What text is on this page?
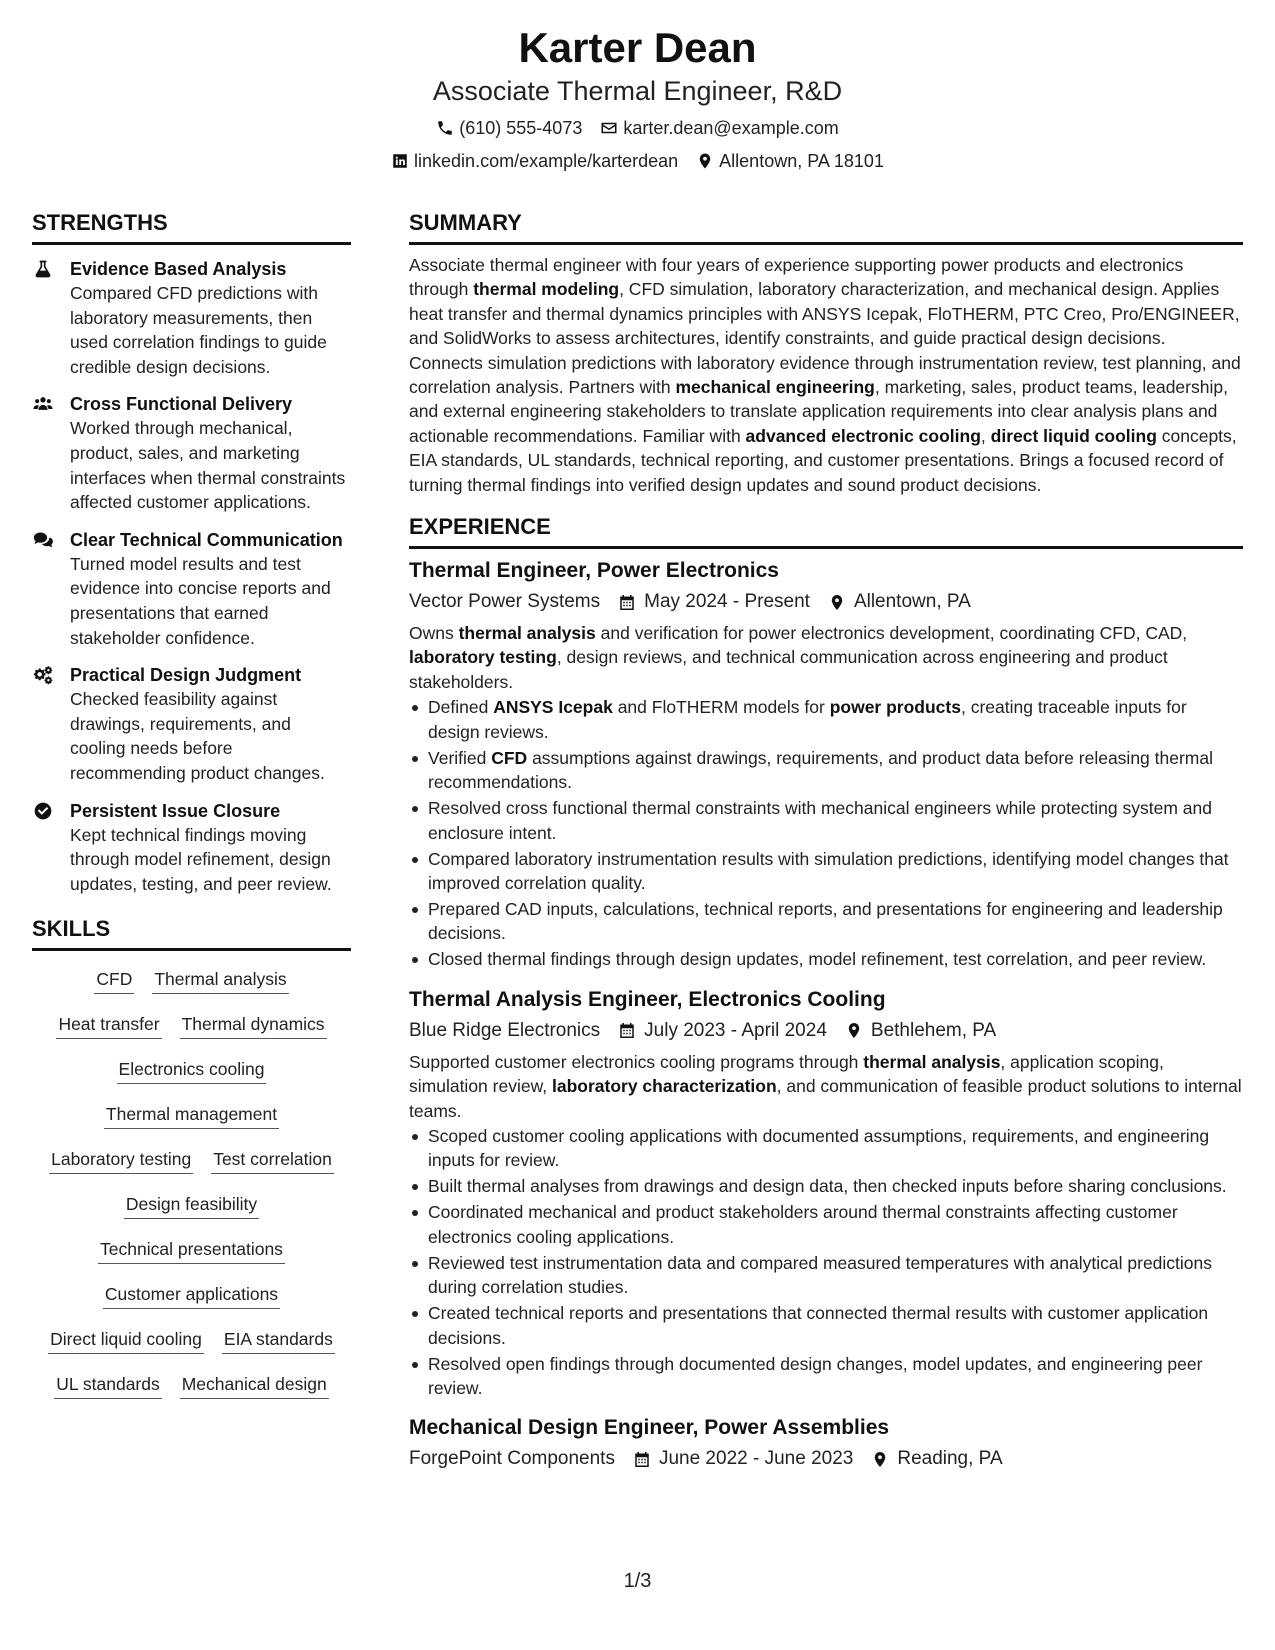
Karter Dean
Associate Thermal Engineer, R&D
(610) 555-4073 karter.dean@example.com
linkedin.com/example/karterdean Allentown, PA 18101
STRENGTHS
Evidence Based Analysis
Compared CFD predictions with laboratory measurements, then used correlation findings to guide credible design decisions.
Cross Functional Delivery
Worked through mechanical, product, sales, and marketing interfaces when thermal constraints affected customer applications.
Clear Technical Communication
Turned model results and test evidence into concise reports and presentations that earned stakeholder confidence.
Practical Design Judgment
Checked feasibility against drawings, requirements, and cooling needs before recommending product changes.
Persistent Issue Closure
Kept technical findings moving through model refinement, design updates, testing, and peer review.
SKILLS
CFD Thermal analysis
Heat transfer Thermal dynamics
Electronics cooling
Thermal management
Laboratory testing Test correlation
Design feasibility
Technical presentations
Customer applications
Direct liquid cooling EIA standards
UL standards Mechanical design
SUMMARY
Associate thermal engineer with four years of experience supporting power products and electronics through thermal modeling, CFD simulation, laboratory characterization, and mechanical design. Applies heat transfer and thermal dynamics principles with ANSYS Icepak, FloTHERM, PTC Creo, Pro/ENGINEER, and SolidWorks to assess architectures, identify constraints, and guide practical design decisions. Connects simulation predictions with laboratory evidence through instrumentation review, test planning, and correlation analysis. Partners with mechanical engineering, marketing, sales, product teams, leadership, and external engineering stakeholders to translate application requirements into clear analysis plans and actionable recommendations. Familiar with advanced electronic cooling, direct liquid cooling concepts, EIA standards, UL standards, technical reporting, and customer presentations. Brings a focused record of turning thermal findings into verified design updates and sound product decisions.
EXPERIENCE
Thermal Engineer, Power Electronics
Vector Power Systems May 2024 - Present Allentown, PA
Owns thermal analysis and verification for power electronics development, coordinating CFD, CAD, laboratory testing, design reviews, and technical communication across engineering and product stakeholders.
Defined ANSYS Icepak and FloTHERM models for power products, creating traceable inputs for design reviews.
Verified CFD assumptions against drawings, requirements, and product data before releasing thermal recommendations.
Resolved cross functional thermal constraints with mechanical engineers while protecting system and enclosure intent.
Compared laboratory instrumentation results with simulation predictions, identifying model changes that improved correlation quality.
Prepared CAD inputs, calculations, technical reports, and presentations for engineering and leadership decisions.
Closed thermal findings through design updates, model refinement, test correlation, and peer review.
Thermal Analysis Engineer, Electronics Cooling
Blue Ridge Electronics July 2023 - April 2024 Bethlehem, PA
Supported customer electronics cooling programs through thermal analysis, application scoping, simulation review, laboratory characterization, and communication of feasible product solutions to internal teams.
Scoped customer cooling applications with documented assumptions, requirements, and engineering inputs for review.
Built thermal analyses from drawings and design data, then checked inputs before sharing conclusions.
Coordinated mechanical and product stakeholders around thermal constraints affecting customer electronics cooling applications.
Reviewed test instrumentation data and compared measured temperatures with analytical predictions during correlation studies.
Created technical reports and presentations that connected thermal results with customer application decisions.
Resolved open findings through documented design changes, model updates, and engineering peer review.
Mechanical Design Engineer, Power Assemblies
ForgePoint Components June 2022 - June 2023 Reading, PA
1/3
